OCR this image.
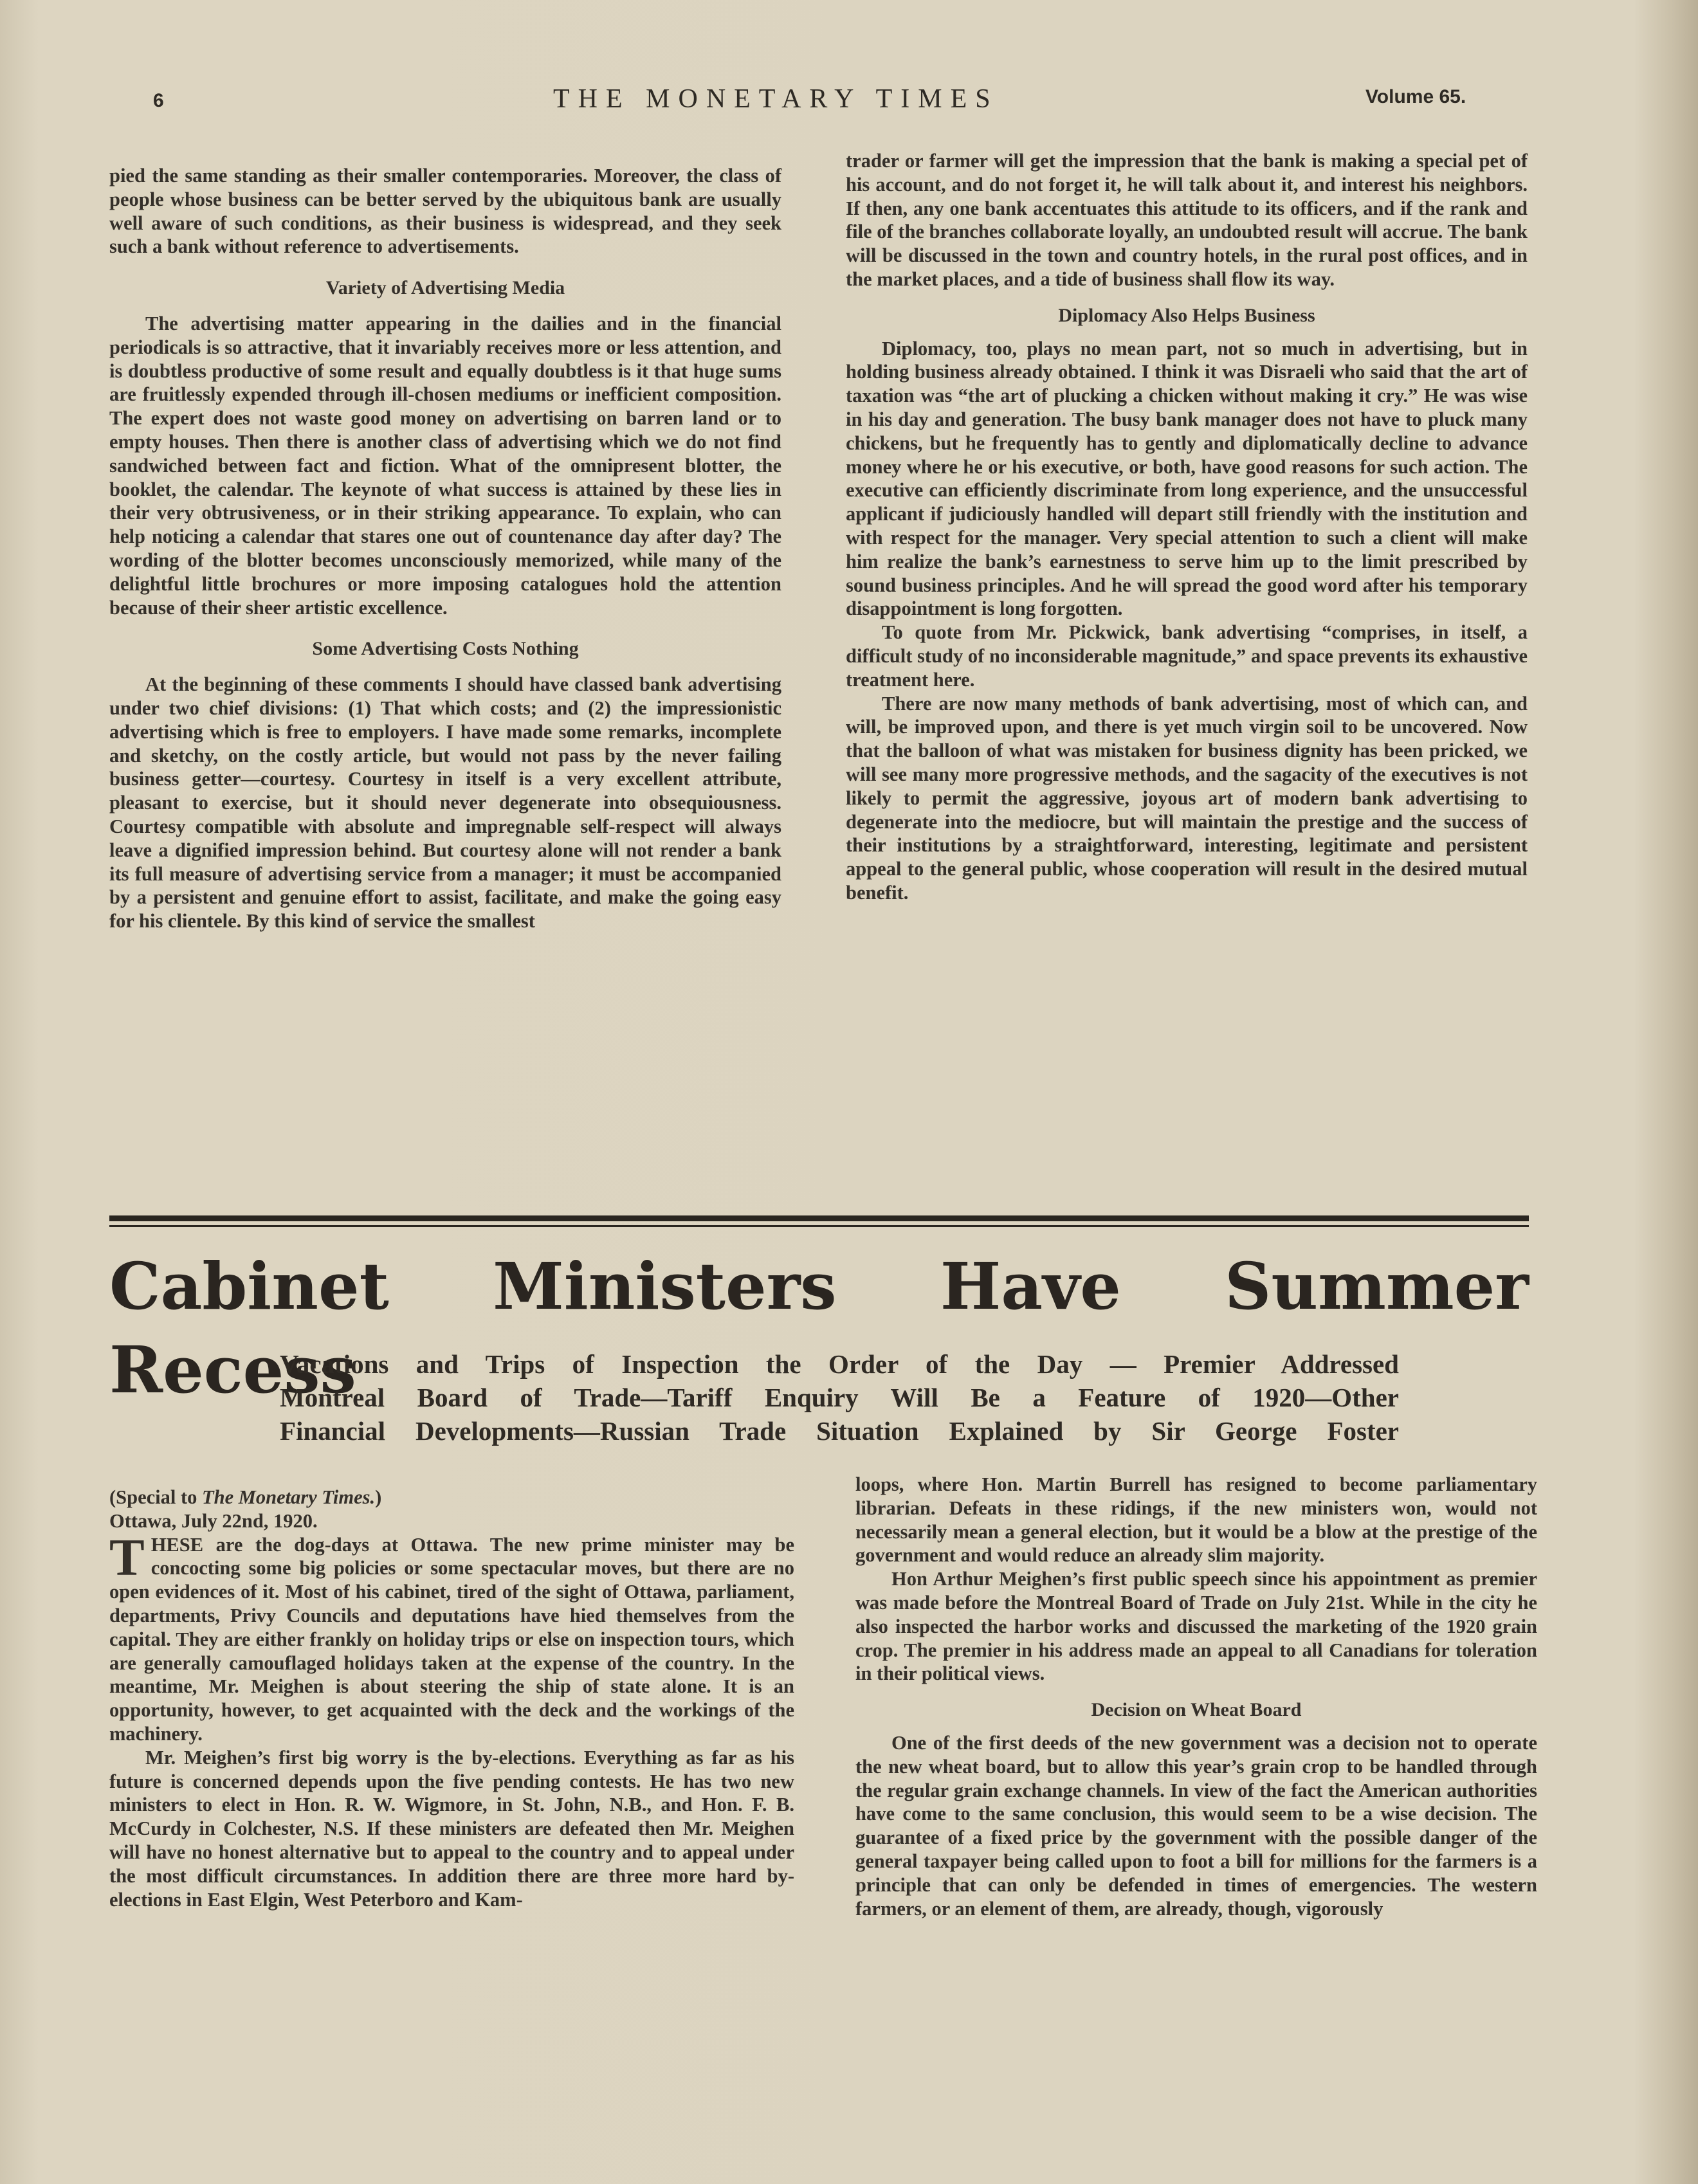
6	THE MONETARY TIMES	Volume 65.

pied the same standing as their smaller contemporaries. Moreover, the class of people whose business can be better served by the ubiquitous bank are usually well aware of such conditions, as their business is widespread, and they seek such a bank without reference to advertisements.

Variety of Advertising Media

The advertising matter appearing in the dailies and in the financial periodicals is so attractive, that it invariably receives more or less attention, and is doubtless productive of some result and equally doubtless is it that huge sums are fruitlessly expended through ill-chosen mediums or inefficient composition. The expert does not waste good money on advertising on barren land or to empty houses. Then there is another class of advertising which we do not find sandwiched between fact and fiction. What of the omnipresent blotter, the booklet, the calendar. The keynote of what success is attained by these lies in their very obtrusiveness, or in their striking appearance. To explain, who can help noticing a calendar that stares one out of countenance day after day? The wording of the blotter becomes unconsciously memorized, while many of the delightful little brochures or more imposing catalogues hold the attention because of their sheer artistic excellence.

Some Advertising Costs Nothing

At the beginning of these comments I should have classed bank advertising under two chief divisions: (1) That which costs; and (2) the impressionistic advertising which is free to employers. I have made some remarks, incomplete and sketchy, on the costly article, but would not pass by the never failing business getter—courtesy. Courtesy in itself is a very excellent attribute, pleasant to exercise, but it should never degenerate into obsequiousness. Courtesy compatible with absolute and impregnable self-respect will always leave a dignified impression behind. But courtesy alone will not render a bank its full measure of advertising service from a manager; it must be accompanied by a persistent and genuine effort to assist, facilitate, and make the going easy for his clientele. By this kind of service the smallest

trader or farmer will get the impression that the bank is making a special pet of his account, and do not forget it, he will talk about it, and interest his neighbors. If then, any one bank accentuates this attitude to its officers, and if the rank and file of the branches collaborate loyally, an undoubted result will accrue. The bank will be discussed in the town and country hotels, in the rural post offices, and in the market places, and a tide of business shall flow its way.

Diplomacy Also Helps Business

Diplomacy, too, plays no mean part, not so much in advertising, but in holding business already obtained. I think it was Disraeli who said that the art of taxation was “the art of plucking a chicken without making it cry.” He was wise in his day and generation. The busy bank manager does not have to pluck many chickens, but he frequently has to gently and diplomatically decline to advance money where he or his executive, or both, have good reasons for such action. The executive can efficiently discriminate from long experience, and the unsuccessful applicant if judiciously handled will depart still friendly with the institution and with respect for the manager. Very special attention to such a client will make him realize the bank’s earnestness to serve him up to the limit prescribed by sound business principles. And he will spread the good word after his temporary disappointment is long forgotten.

To quote from Mr. Pickwick, bank advertising “comprises, in itself, a difficult study of no inconsiderable magnitude,” and space prevents its exhaustive treatment here.

There are now many methods of bank advertising, most of which can, and will, be improved upon, and there is yet much virgin soil to be uncovered. Now that the balloon of what was mistaken for business dignity has been pricked, we will see many more progressive methods, and the sagacity of the executives is not likely to permit the aggressive, joyous art of modern bank advertising to degenerate into the mediocre, but will maintain the prestige and the success of their institutions by a straightforward, interesting, legitimate and persistent appeal to the general public, whose cooperation will result in the desired mutual benefit.

Cabinet Ministers Have Summer Recess
Vacations and Trips of Inspection the Order of the Day — Premier Addressed
Montreal Board of Trade—Tariff Enquiry Will Be a Feature of 1920—Other
Financial Developments—Russian Trade Situation Explained by Sir George Foster

(Special to The Monetary Times.)

Ottawa, July 22nd, 1920.

THESE are the dog-days at Ottawa. The new prime minister may be concocting some big policies or some spectacular moves, but there are no open evidences of it. Most of his cabinet, tired of the sight of Ottawa, parliament, departments, Privy Councils and deputations have hied themselves from the capital. They are either frankly on holiday trips or else on inspection tours, which are generally camouflaged holidays taken at the expense of the country. In the meantime, Mr. Meighen is about steering the ship of state alone. It is an opportunity, however, to get acquainted with the deck and the workings of the machinery.

Mr. Meighen’s first big worry is the by-elections. Everything as far as his future is concerned depends upon the five pending contests. He has two new ministers to elect in Hon. R. W. Wigmore, in St. John, N.B., and Hon. F. B. McCurdy in Colchester, N.S. If these ministers are defeated then Mr. Meighen will have no honest alternative but to appeal to the country and to appeal under the most difficult circumstances. In addition there are three more hard by-elections in East Elgin, West Peterboro and Kam-

loops, where Hon. Martin Burrell has resigned to become parliamentary librarian. Defeats in these ridings, if the new ministers won, would not necessarily mean a general election, but it would be a blow at the prestige of the government and would reduce an already slim majority.

Hon Arthur Meighen’s first public speech since his appointment as premier was made before the Montreal Board of Trade on July 21st. While in the city he also inspected the harbor works and discussed the marketing of the 1920 grain crop. The premier in his address made an appeal to all Canadians for toleration in their political views.

Decision on Wheat Board

One of the first deeds of the new government was a decision not to operate the new wheat board, but to allow this year’s grain crop to be handled through the regular grain exchange channels. In view of the fact the American authorities have come to the same conclusion, this would seem to be a wise decision. The guarantee of a fixed price by the government with the possible danger of the general taxpayer being called upon to foot a bill for millions for the farmers is a principle that can only be defended in times of emergencies. The western farmers, or an element of them, are already, though, vigorously
